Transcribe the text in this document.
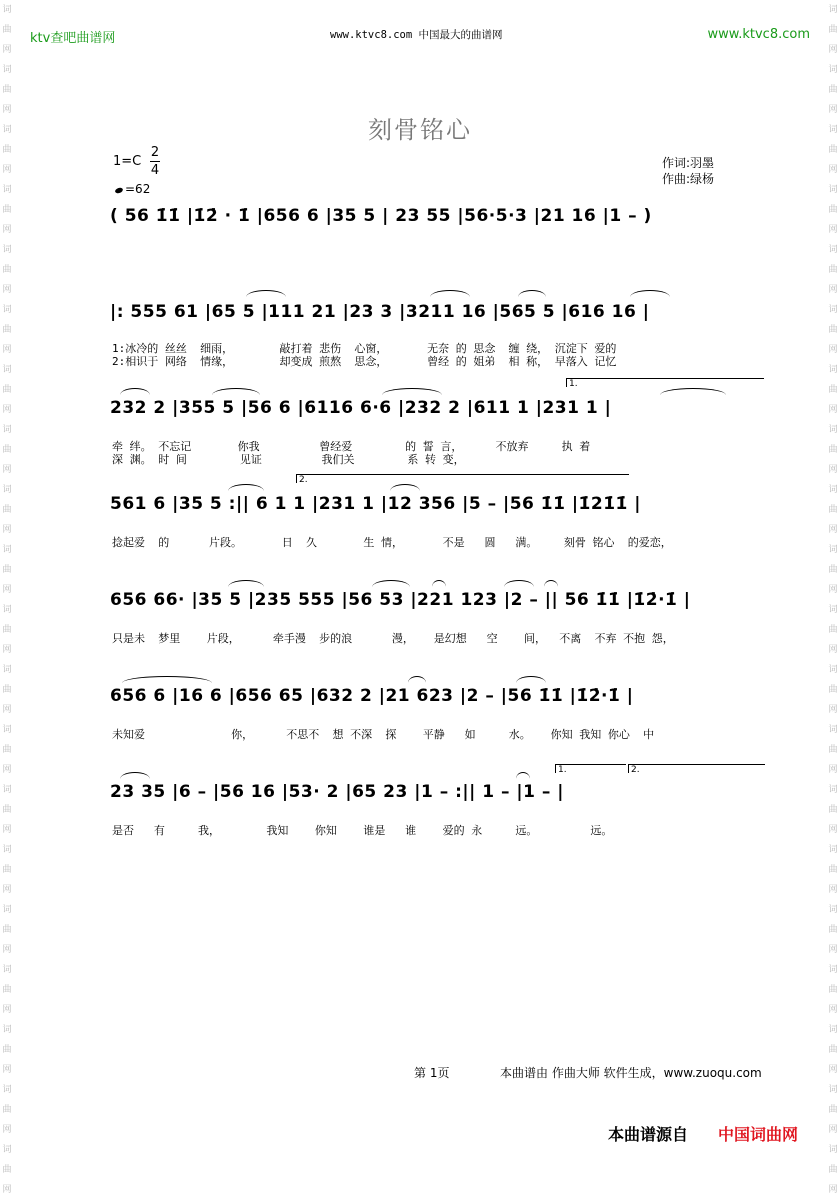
词曲网
词曲网
词曲网
词曲网
词曲网
词曲网
词曲网
词曲网
词曲网
词曲网
词曲网
词曲网
词曲网
词曲网
词曲网
词曲网
词曲网
词曲网
词曲网
词曲网
词曲网
词曲网
词曲网
词曲网
词曲网
词曲网
词曲网
词曲网
词曲网
词曲网
词曲网
词曲网
词曲网
词曲网
词曲网
词曲网
词曲网
词曲网
词曲网
词曲网
ktv查吧曲谱网	www.ktvc8.com 中国最大的曲谱网	www.ktvc8.com
刻骨铭心
1=C
2
4
=62
作词:羽墨
作曲:绿杨
( 56 1̇1̇ |1̇2̇ · 1̇ |656 6 |35 5 | 23 55 |56·5·3 |21 16 |1 – )
|: 555 61 |65 5 |111 21 |23 3 |3211 16 |565 5 |616 16 |
1:冰冷的 丝丝  细雨，       敲打着 悲伤  心窗，      无奈 的 思念  缠 绕， 沉淀下 爱的
2:相识于 网络  情缘，       却变成 煎熬  思念，      曾经 的 姐弟  相 称， 早落入 记忆
1.
232 2 |355 5 |56 6 |6116 6·6 |232 2 |611 1 |231 1 |
牵 绊。 不忘记       你我         曾经爱        的 誓 言，     不放弃     执 着
深 渊。 时 间        见证         我们关        系 转 变，
2.
561 6 |35 5 :|| 6 1 1 |231 1 |12 356 |5 – |56 1̇1̇ |1̇21̇1̇ |
捻起爱  的      片段。      日  久       生 情，      不是   圆   满。    刻骨 铭心  的爱恋，
656 66· |35 5 |235 555 |56 53 |221 123 |2 – || 56 1̇1̇ |1̇2̇·1̇ |
只是未  梦里    片段，     牵手漫  步的浪      漫，   是幻想   空    间，  不离  不弃 不抱 怨，
656 6 |16 6 |656 65 |632 2 |21 623 |2 – |56 1̇1̇ |1̇2̇·1̇ |
未知爱             你，     不思不  想 不深  探    平静   如     水。   你知 我知 你心  中
1.	2.
23 35 |6 – |56 16 |53· 2 |65 23 |1 – :|| 1 – |1 – |
是否   有     我，       我知    你知    谁是   谁    爱的 永     远。        远。
第 1页	本曲谱由 作曲大师 软件生成，www.zuoqu.com
本曲谱源自 中国词曲网
